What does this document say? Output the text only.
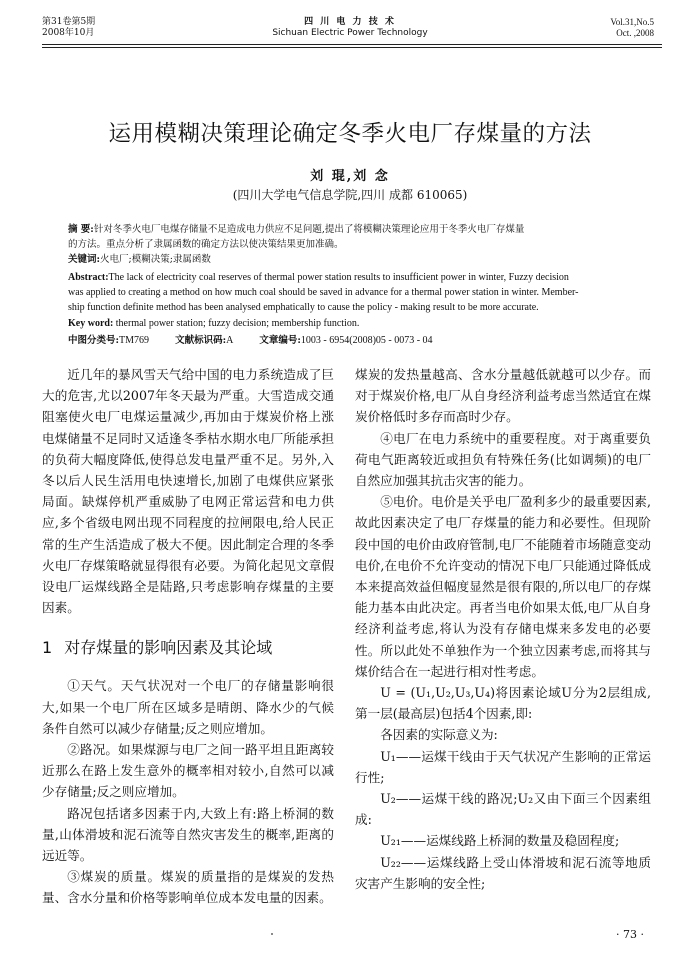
第31卷第5期
2008年10月
四 川 电 力 技 术
Sichuan Electric Power Technology
Vol.31,No.5
Oct. ,2008
运用模糊决策理论确定冬季火电厂存煤量的方法
刘 琨,刘 念
(四川大学电气信息学院,四川 成都 610065)
摘 要:针对冬季火电厂电煤存储量不足造成电力供应不足问题,提出了将模糊决策理论应用于冬季火电厂存煤量
的方法。重点分析了隶属函数的确定方法以使决策结果更加准确。
关键词:火电厂;模糊决策;隶属函数
Abstract:The lack of electricity coal reserves of thermal power station results to insufficient power in winter, Fuzzy decision
was applied to creating a method on how much coal should be saved in advance for a thermal power station in winter. Member-
ship function definite method has been analysed emphatically to cause the policy - making result to be more accurate.
Key word: thermal power station; fuzzy decision; membership function.
中图分类号:TM769	文献标识码:A	文章编号:1003 - 6954(2008)05 - 0073 - 04

近几年的暴风雪天气给中国的电力系统造成了巨大的危害,尤以2007年冬天最为严重。大雪造成交通阻塞使火电厂电煤运量减少,再加由于煤炭价格上涨电煤储量不足同时又适逢冬季枯水期水电厂所能承担的负荷大幅度降低,使得总发电量严重不足。另外,入冬以后人民生活用电快速增长,加剧了电煤供应紧张局面。缺煤停机严重威胁了电网正常运营和电力供应,多个省级电网出现不同程度的拉闸限电,给人民正常的生产生活造成了极大不便。因此制定合理的冬季火电厂存煤策略就显得很有必要。为简化起见文章假设电厂运煤线路全是陆路,只考虑影响存煤量的主要因素。

1 对存煤量的影响因素及其论域

①天气。天气状况对一个电厂的存储量影响很大,如果一个电厂所在区域多是晴朗、降水少的气候条件自然可以减少存储量;反之则应增加。

②路况。如果煤源与电厂之间一路平坦且距离较近那么在路上发生意外的概率相对较小,自然可以减少存储量;反之则应增加。

路况包括诸多因素于内,大致上有:路上桥洞的数量,山体滑坡和泥石流等自然灾害发生的概率,距离的远近等。

③煤炭的质量。煤炭的质量指的是煤炭的发热量、含水分量和价格等影响单位成本发电量的因素。

煤炭的发热量越高、含水分量越低就越可以少存。而对于煤炭价格,电厂从自身经济利益考虑当然适宜在煤炭价格低时多存而高时少存。

④电厂在电力系统中的重要程度。对于离重要负荷电气距离较近或担负有特殊任务(比如调频)的电厂自然应加强其抗击灾害的能力。

⑤电价。电价是关乎电厂盈利多少的最重要因素,故此因素决定了电厂存煤量的能力和必要性。但现阶段中国的电价由政府管制,电厂不能随着市场随意变动电价,在电价不允许变动的情况下电厂只能通过降低成本来提高效益但幅度显然是很有限的,所以电厂的存煤能力基本由此决定。再者当电价如果太低,电厂从自身经济利益考虑,将认为没有存储电煤来多发电的必要性。所以此处不单独作为一个独立因素考虑,而将其与煤价结合在一起进行相对性考虑。

U = (U₁,U₂,U₃,U₄)将因素论域U分为2层组成,第一层(最高层)包括4个因素,即:

各因素的实际意义为:

U₁——运煤干线由于天气状况产生影响的正常运行性;

U₂——运煤干线的路况;U₂又由下面三个因素组成:

U₂₁——运煤线路上桥洞的数量及稳固程度;

U₂₂——运煤线路上受山体滑坡和泥石流等地质灾害产生影响的安全性;

· 73 ·
